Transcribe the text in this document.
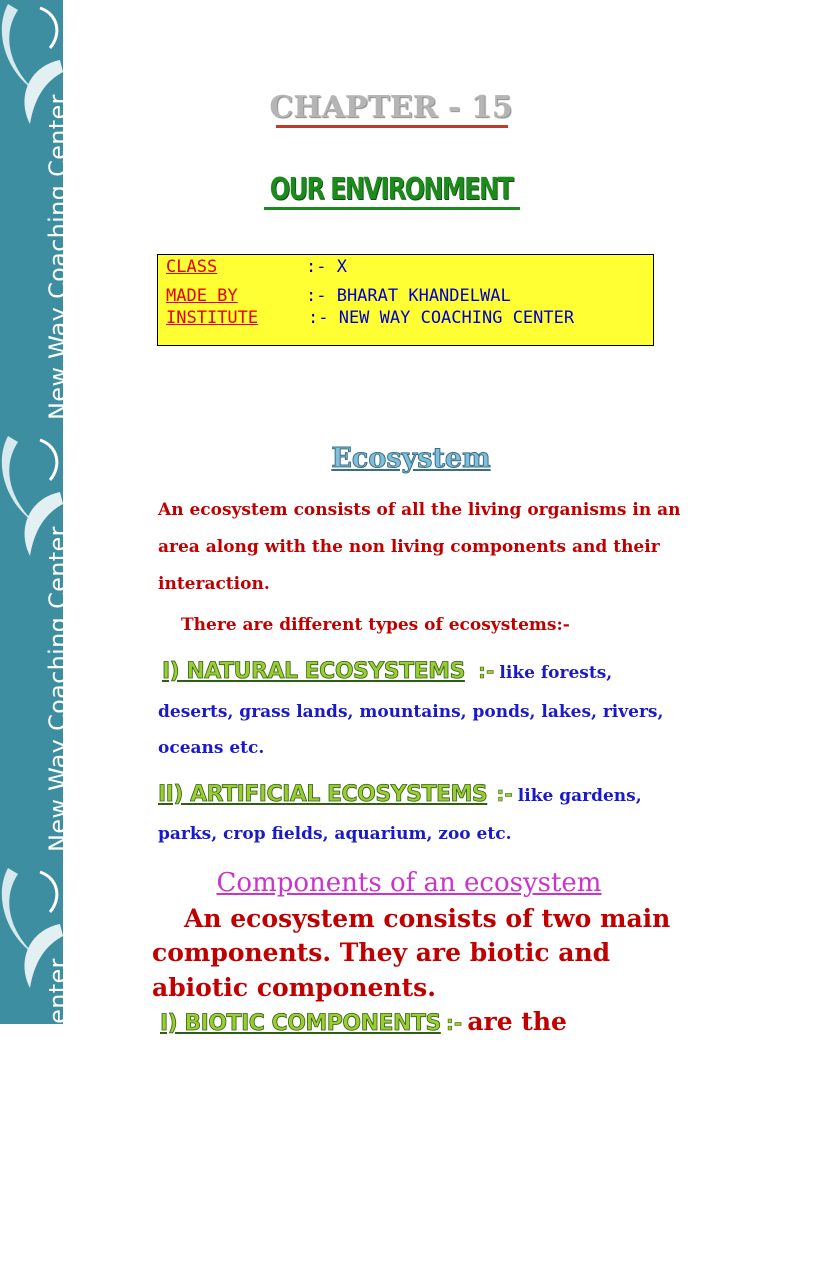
New Way Coaching Center
New Way Coaching Center
New Way Coaching Center
CHAPTER - 15
OUR ENVIRONMENT
CLASS	:- X
MADE BY	:- BHARAT KHANDELWAL
INSTITUTE	:- NEW WAY COACHING CENTER
Ecosystem
An ecosystem consists of all the living organisms in an
area along with the non living components and their
interaction.
There are different types of ecosystems:-
I) NATURAL ECOSYSTEMS :- like forests,
deserts, grass lands, mountains, ponds, lakes, rivers,
oceans etc.
II) ARTIFICIAL ECOSYSTEMS :- like gardens,
parks, crop fields, aquarium, zoo etc.
Components of an ecosystem
An ecosystem consists of two main
components. They are biotic and
abiotic components.
I) BIOTIC COMPONENTS :- are the
